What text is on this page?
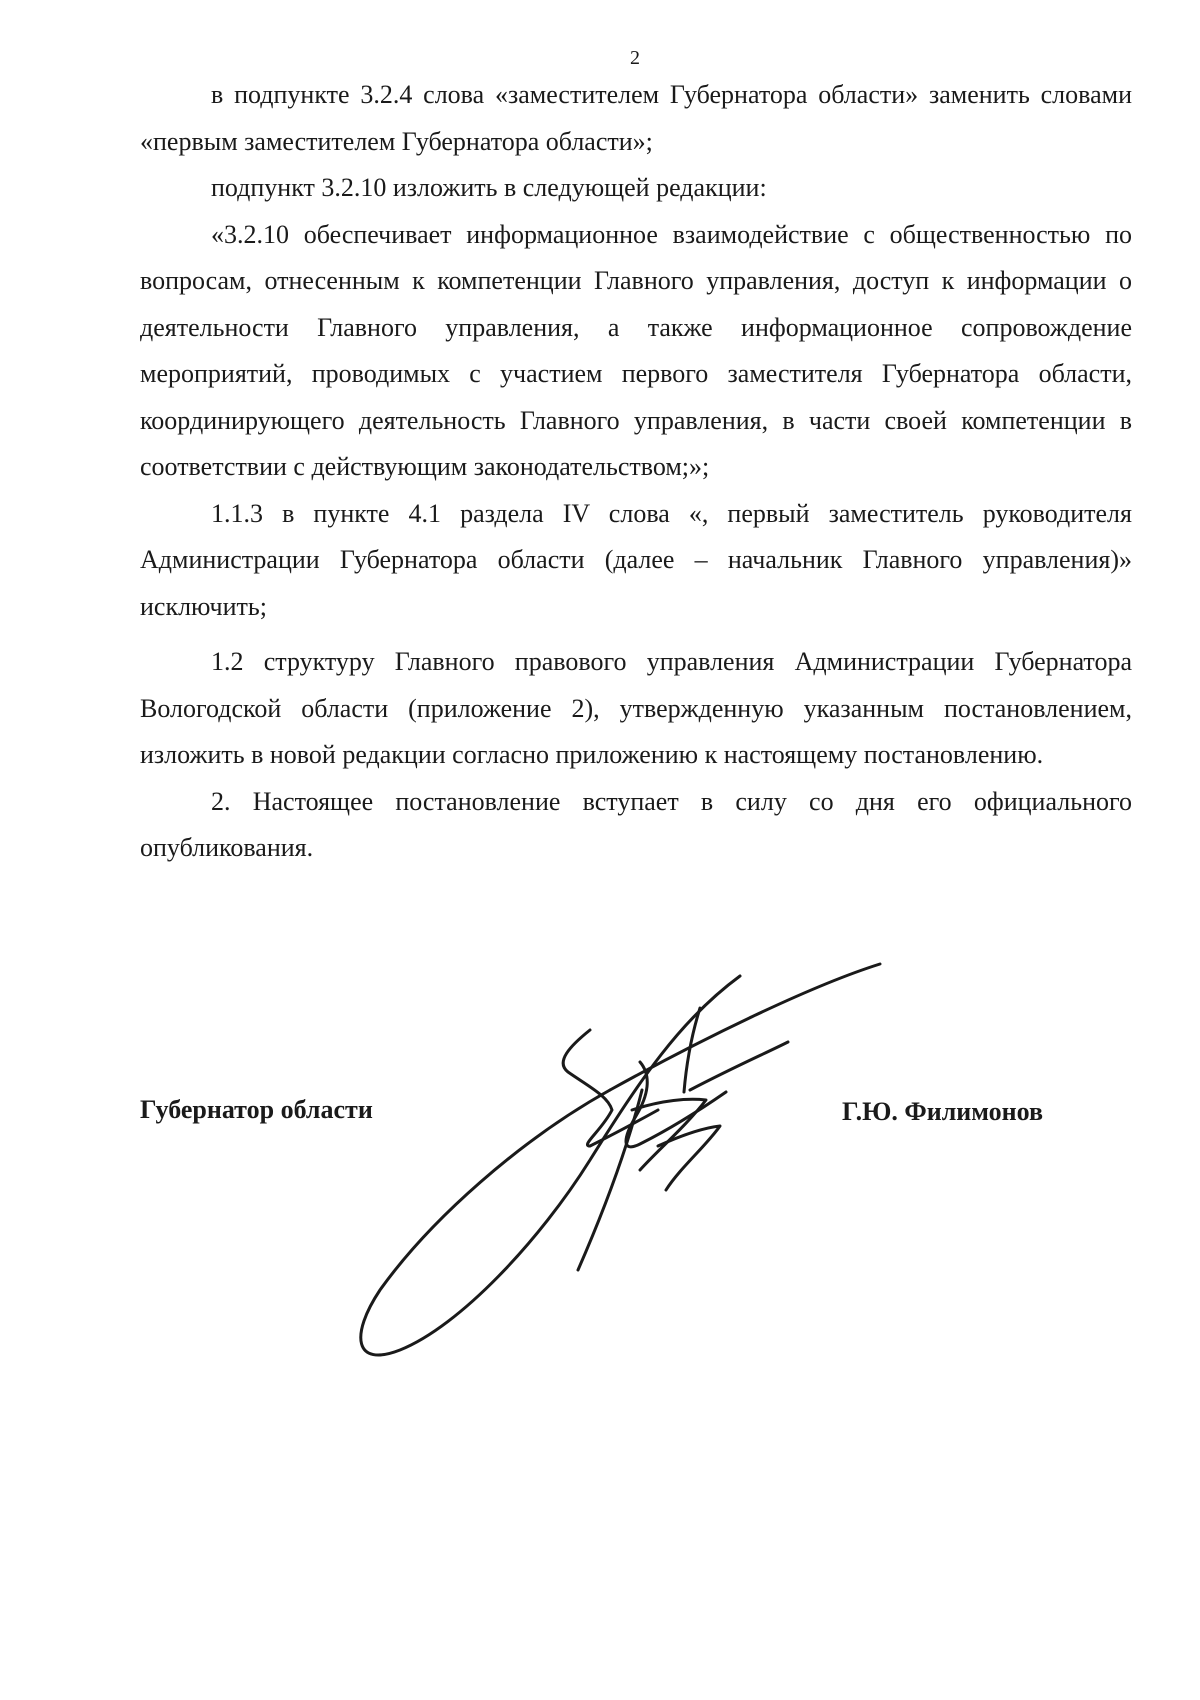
2

в подпункте 3.2.4 слова «заместителем Губернатора области» заменить словами «первым заместителем Губернатора области»;

подпункт 3.2.10 изложить в следующей редакции:

«3.2.10 обеспечивает информационное взаимодействие с общественностью по вопросам, отнесенным к компетенции Главного управления, доступ к информации о деятельности Главного управления, а также информационное сопровождение мероприятий, проводимых с участием первого заместителя Губернатора области, координирующего деятельность Главного управления, в части своей компетенции в соответствии с действующим законодательством;»;

1.1.3 в пункте 4.1 раздела IV слова «, первый заместитель руководителя Администрации Губернатора области (далее – начальник Главного управления)» исключить;

1.2 структуру Главного правового управления Администрации Губернатора Вологодской области (приложение 2), утвержденную указанным постановлением, изложить в новой редакции согласно приложению к настоящему постановлению.

2. Настоящее постановление вступает в силу со дня его официального опубликования.

Губернатор области	Г.Ю. Филимонов
